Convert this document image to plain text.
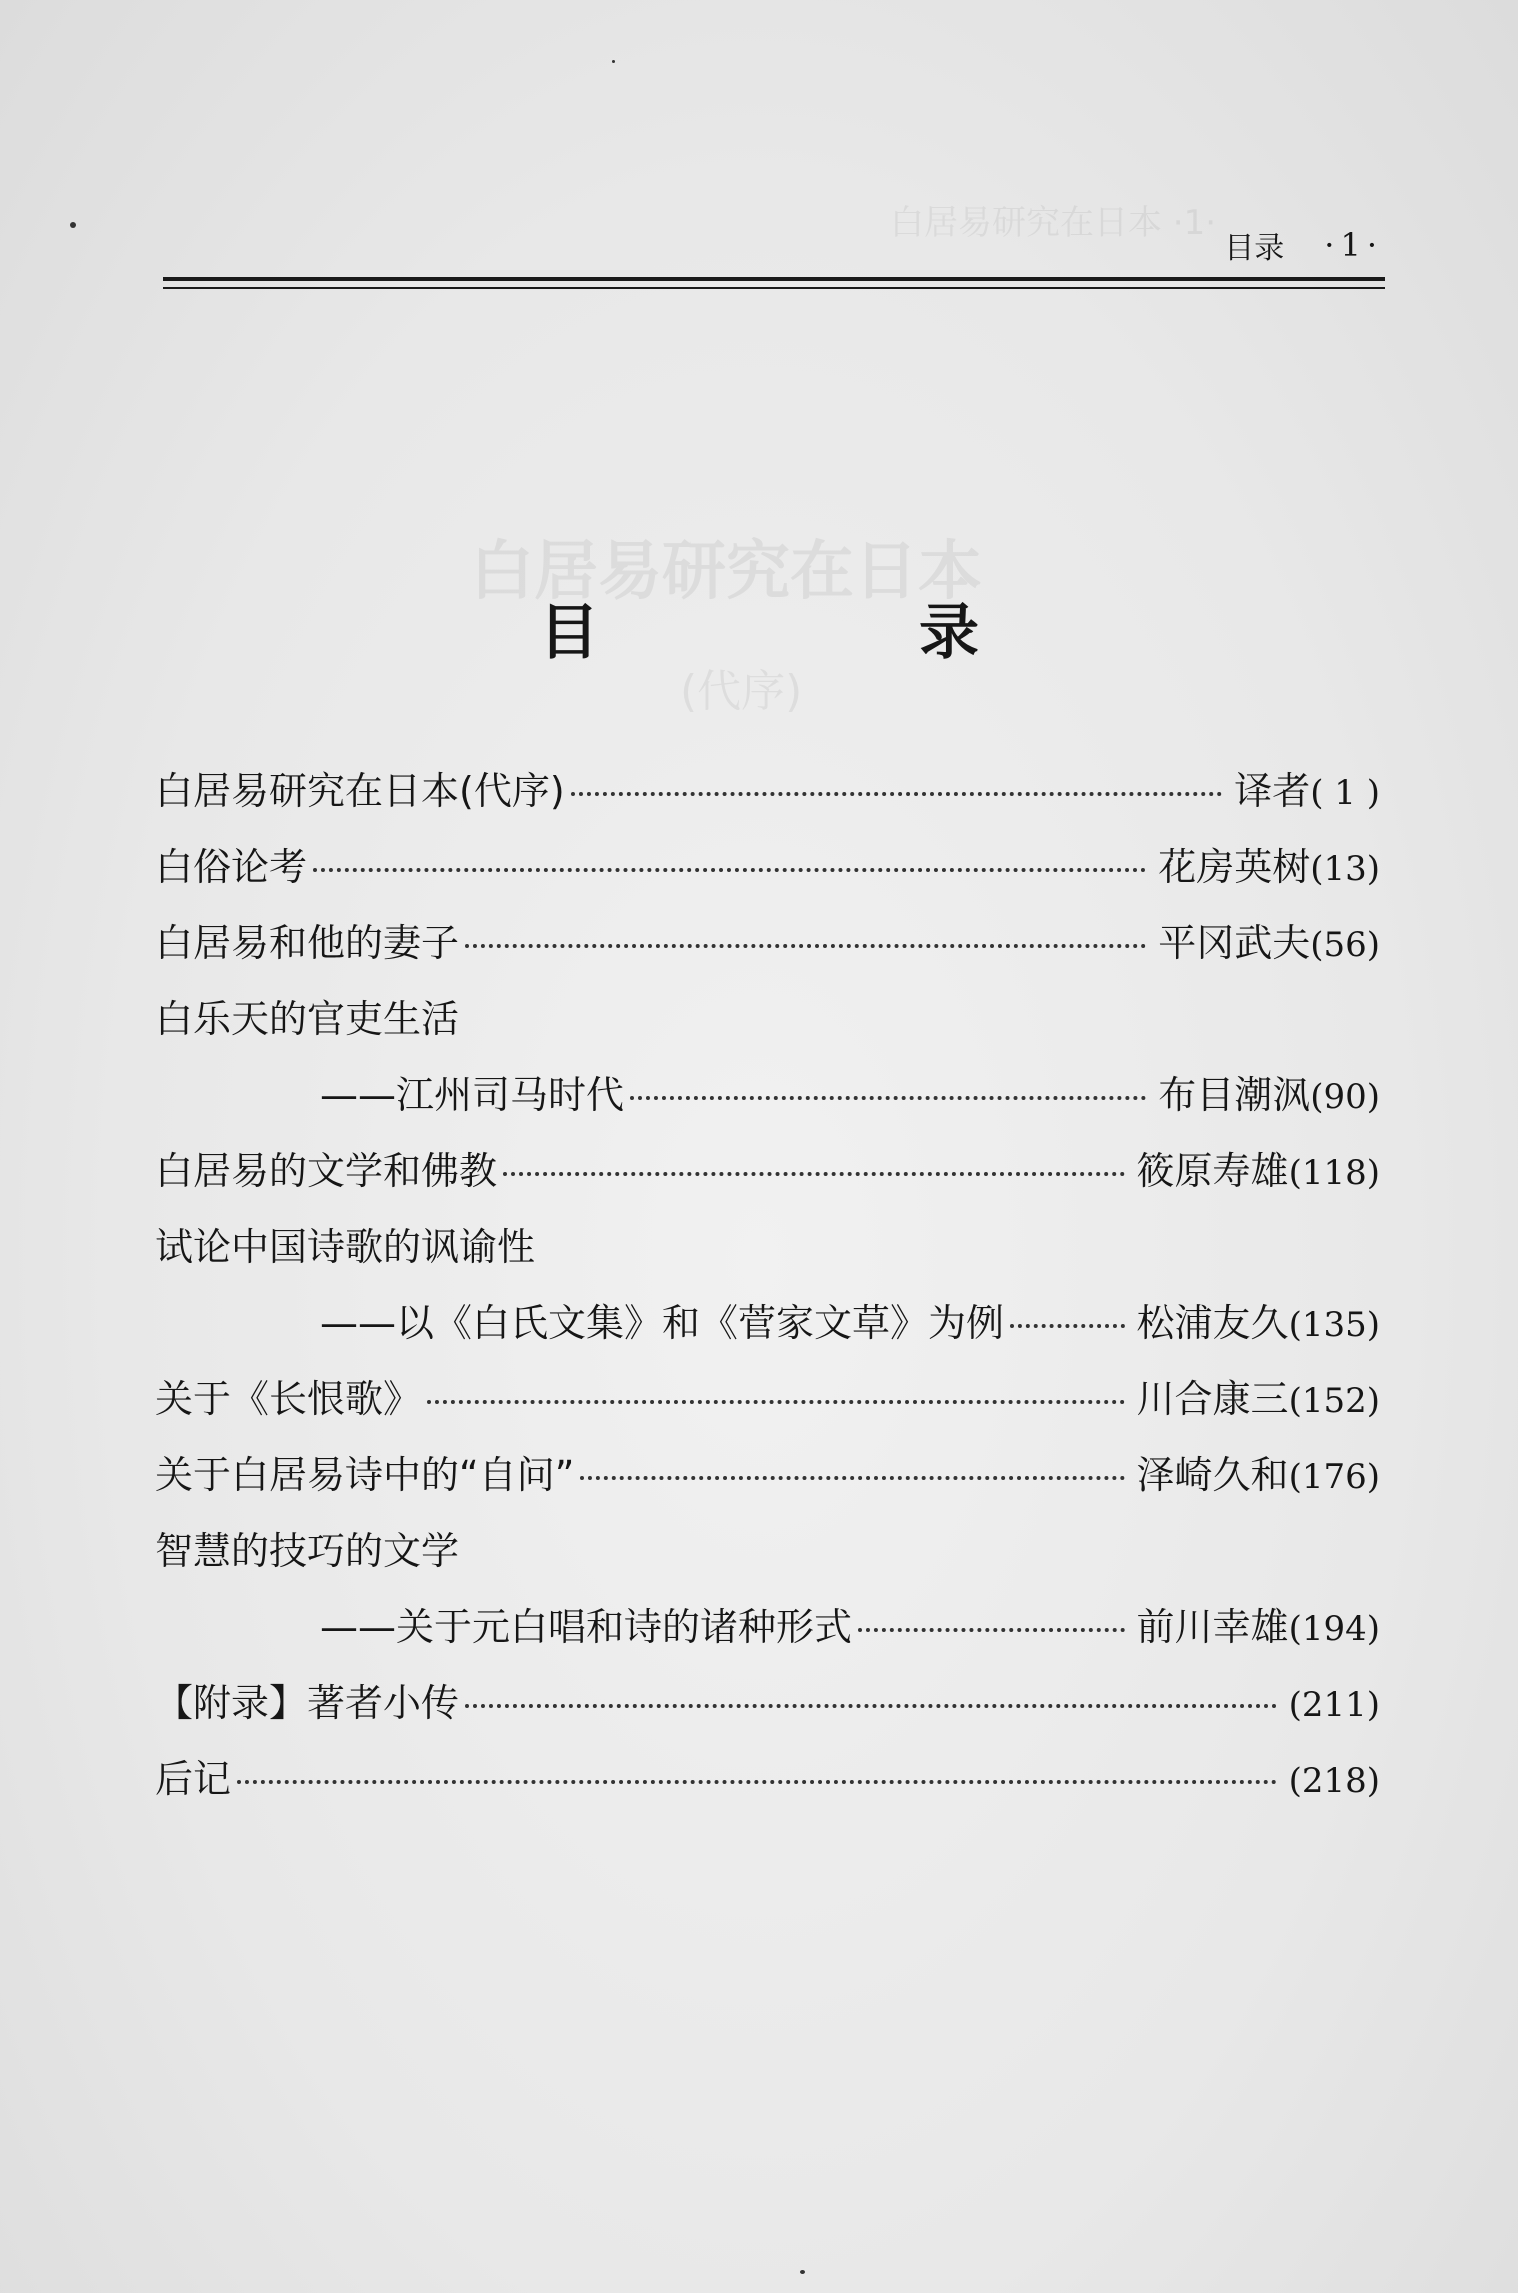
白居易研究在日本 ·1·
白居易研究在日本
(代序)
目录 ·1·
目　录
白居易研究在日本(代序)	译者 ( 1 )
白俗论考	花房英树 (13)
白居易和他的妻子	平冈武夫 (56)
白乐天的官吏生活
——江州司马时代	布目潮沨 (90)
白居易的文学和佛教	筱原寿雄 (118)
试论中国诗歌的讽谕性
——以《白氏文集》和《菅家文草》为例	松浦友久 (135)
关于《长恨歌》	川合康三 (152)
关于白居易诗中的“自问”	泽崎久和 (176)
智慧的技巧的文学
——关于元白唱和诗的诸种形式	前川幸雄 (194)
【附录】著者小传	(211)
后记	(218)
